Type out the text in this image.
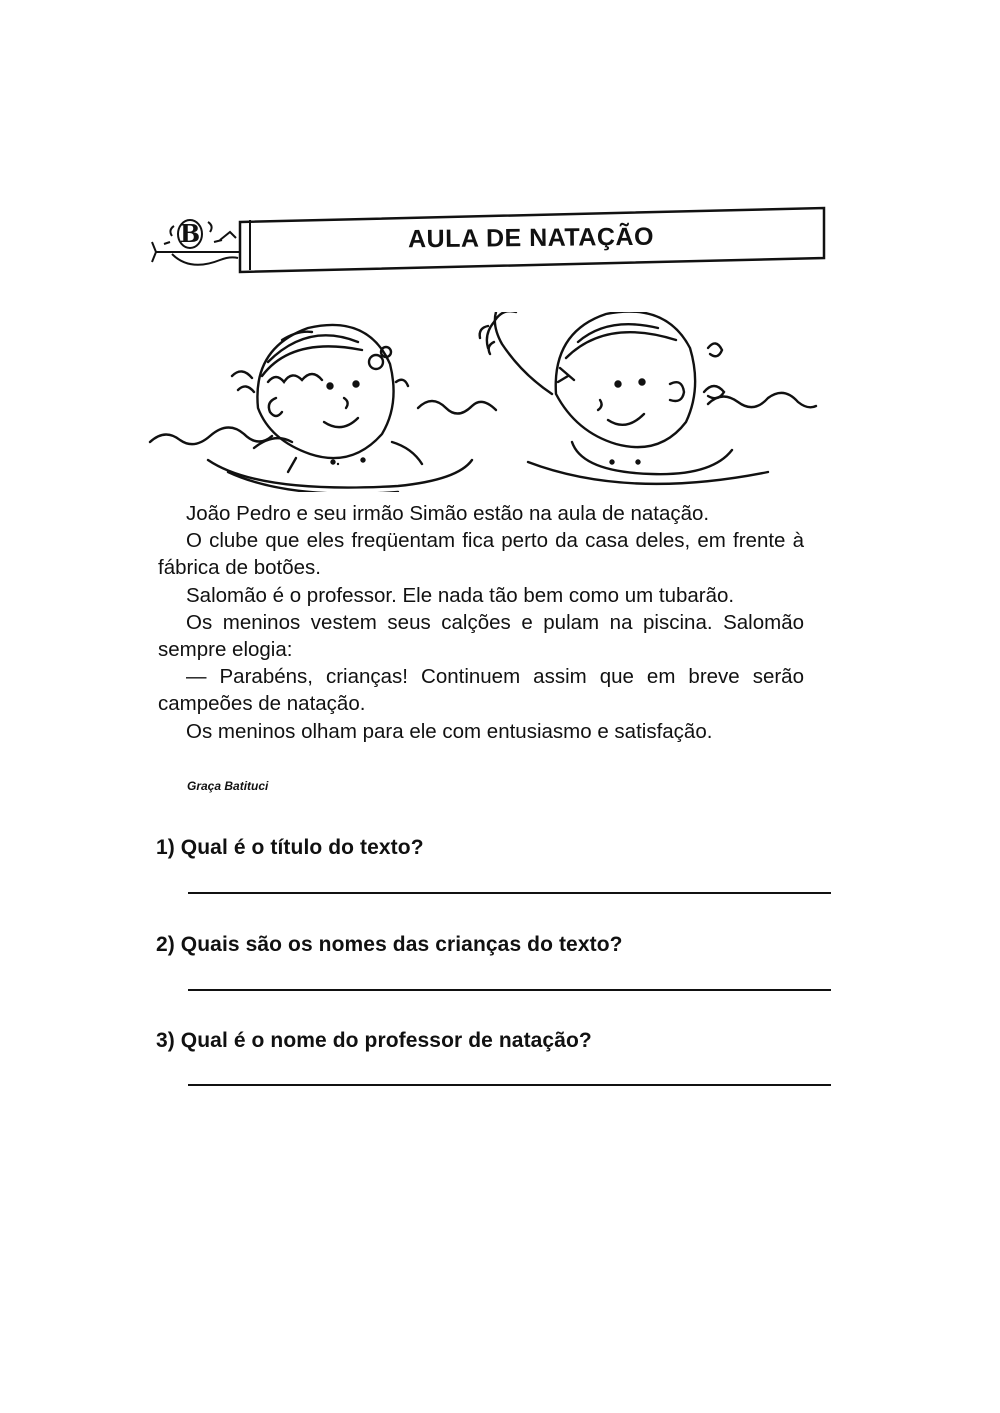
B	AULA DE NATAÇÃO

João Pedro e seu irmão Simão estão na aula de natação.

O clube que eles freqüentam fica perto da casa deles, em frente à fábrica de botões.

Salomão é o professor. Ele nada tão bem como um tubarão.

Os meninos vestem seus calções e pulam na piscina. Salomão sempre elogia:

— Parabéns, crianças! Continuem assim que em breve serão campeões de natação.

Os meninos olham para ele com entusiasmo e satisfação.

Graça Batituci
1) Qual é o título do texto?
2) Quais são os nomes das crianças do texto?
3) Qual é o nome do professor de natação?
